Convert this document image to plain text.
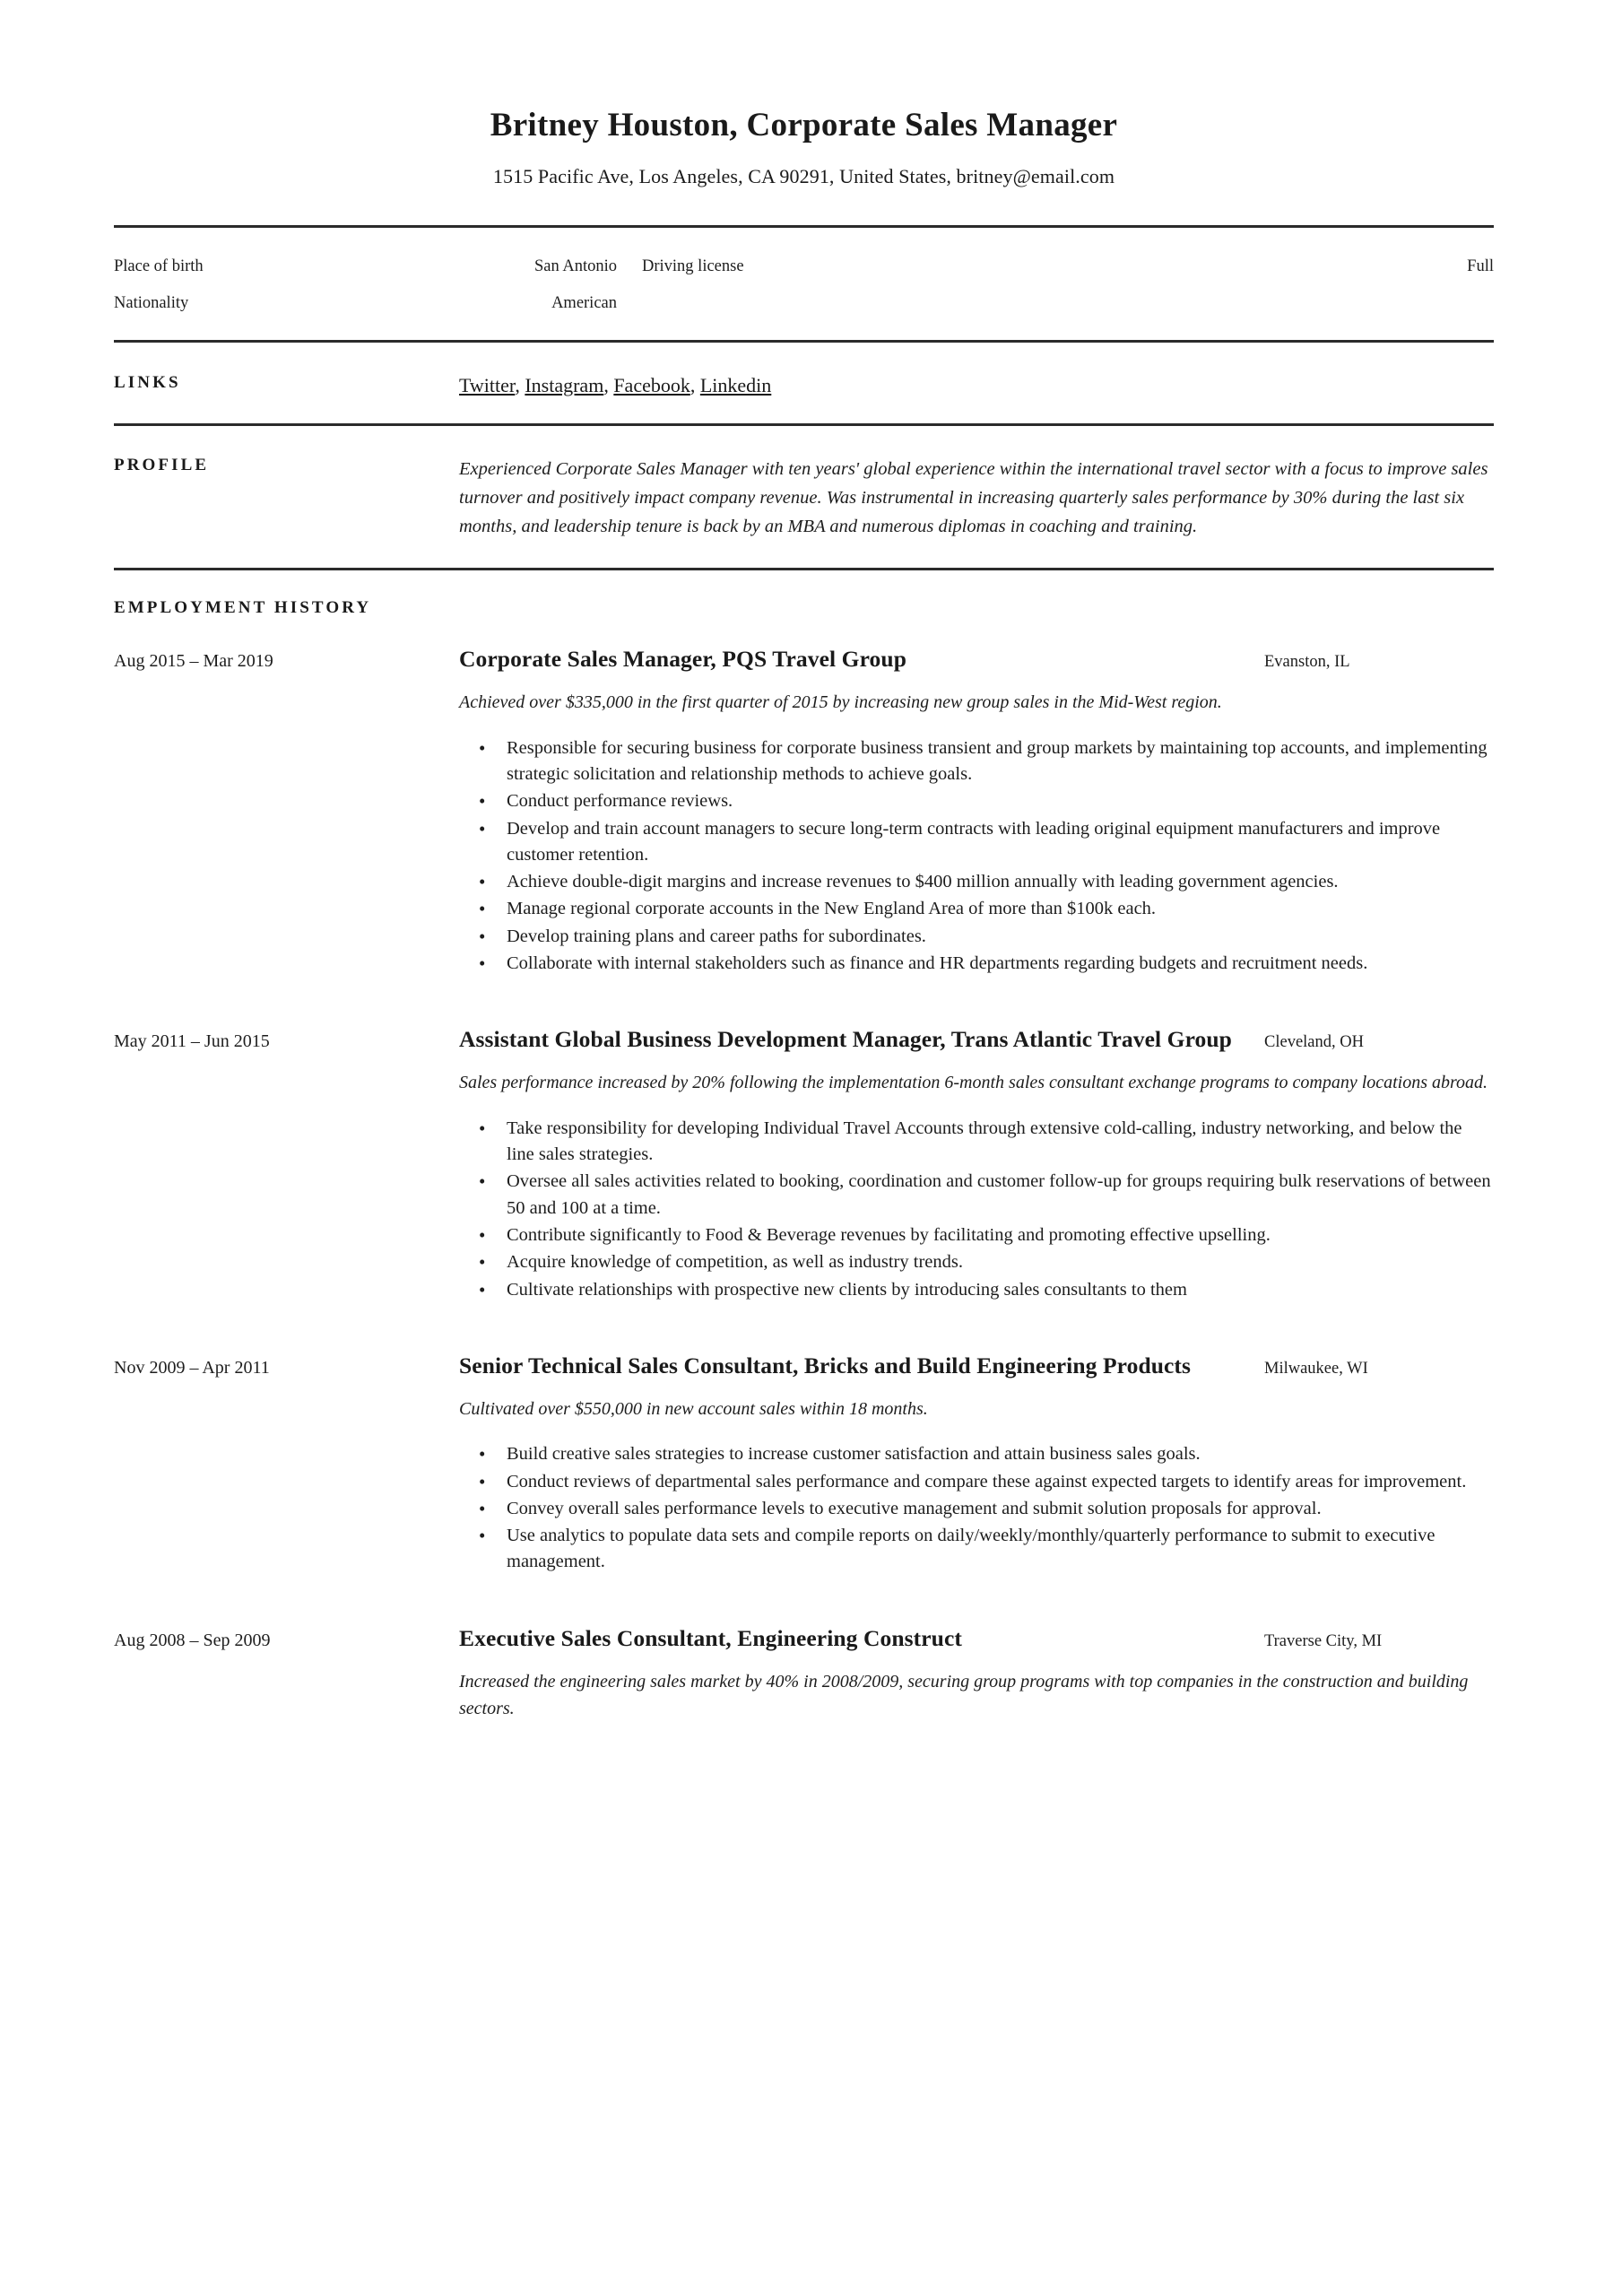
Britney Houston, Corporate Sales Manager
1515 Pacific Ave, Los Angeles, CA 90291, United States, britney@email.com
Place of birth	San Antonio	Driving license	Full
Nationality	American
LINKS	Twitter, Instagram, Facebook, Linkedin
PROFILE	Experienced Corporate Sales Manager with ten years' global experience within the international travel sector with a focus to improve sales turnover and positively impact company revenue. Was instrumental in increasing quarterly sales performance by 30% during the last six months, and leadership tenure is back by an MBA and numerous diplomas in coaching and training.
EMPLOYMENT HISTORY
Aug 2015 – Mar 2019	Corporate Sales Manager, PQS Travel Group	Evanston, IL
Achieved over $335,000 in the first quarter of 2015 by increasing new group sales in the Mid-West region.
• Responsible for securing business for corporate business transient and group markets by maintaining top accounts, and implementing strategic solicitation and relationship methods to achieve goals.
• Conduct performance reviews.
• Develop and train account managers to secure long-term contracts with leading original equipment manufacturers and improve customer retention.
• Achieve double-digit margins and increase revenues to $400 million annually with leading government agencies.
• Manage regional corporate accounts in the New England Area of more than $100k each.
• Develop training plans and career paths for subordinates.
• Collaborate with internal stakeholders such as finance and HR departments regarding budgets and recruitment needs.
May 2011 – Jun 2015	Assistant Global Business Development Manager, Trans Atlantic Travel Group	Cleveland, OH
Sales performance increased by 20% following the implementation 6-month sales consultant exchange programs to company locations abroad.
• Take responsibility for developing Individual Travel Accounts through extensive cold-calling, industry networking, and below the line sales strategies.
• Oversee all sales activities related to booking, coordination and customer follow-up for groups requiring bulk reservations of between 50 and 100 at a time.
• Contribute significantly to Food & Beverage revenues by facilitating and promoting effective upselling.
• Acquire knowledge of competition, as well as industry trends.
• Cultivate relationships with prospective new clients by introducing sales consultants to them
Nov 2009 – Apr 2011	Senior Technical Sales Consultant, Bricks and Build Engineering Products	Milwaukee, WI
Cultivated over $550,000 in new account sales within 18 months.
• Build creative sales strategies to increase customer satisfaction and attain business sales goals.
• Conduct reviews of departmental sales performance and compare these against expected targets to identify areas for improvement.
• Convey overall sales performance levels to executive management and submit solution proposals for approval.
• Use analytics to populate data sets and compile reports on daily/weekly/monthly/quarterly performance to submit to executive management.
Aug 2008 – Sep 2009	Executive Sales Consultant, Engineering Construct	Traverse City, MI
Increased the engineering sales market by 40% in 2008/2009, securing group programs with top companies in the construction and building sectors.
